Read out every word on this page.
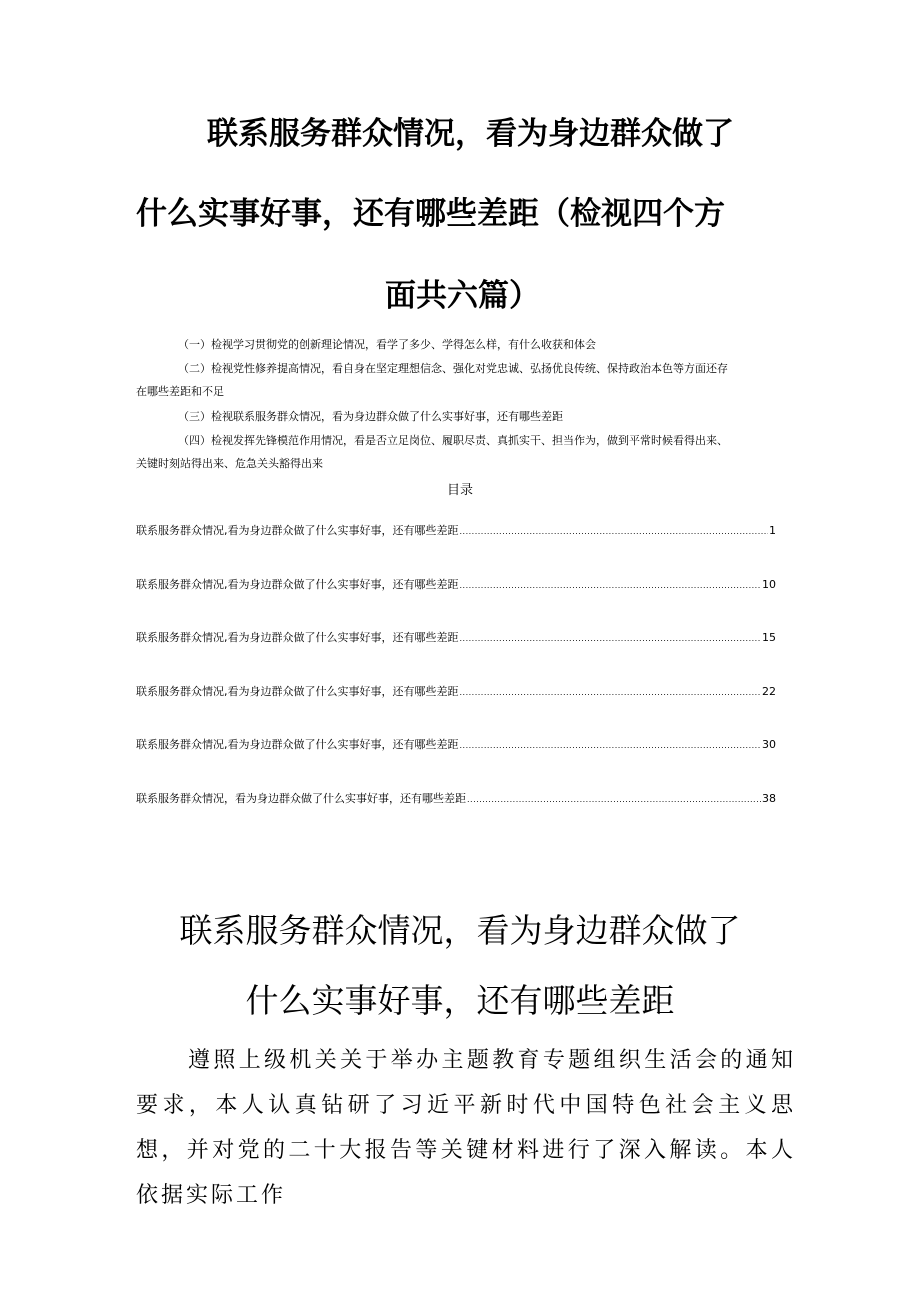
联系服务群众情况，看为身边群众做了
什么实事好事，还有哪些差距（检视四个方
面共六篇）

（一）检视学习贯彻党的创新理论情况，看学了多少、学得怎么样，有什么收获和体会

（二）检视党性修养提高情况，看自身在坚定理想信念、强化对党忠诚、弘扬优良传统、保持政治本色等方面还存

在哪些差距和不足

（三）检视联系服务群众情况，看为身边群众做了什么实事好事，还有哪些差距

（四）检视发挥先锋模范作用情况，看是否立足岗位、履职尽责、真抓实干、担当作为，做到平常时候看得出来、

关键时刻站得出来、危急关头豁得出来

目录
联系服务群众情况,看为身边群众做了什么实事好事，还有哪些差距 .....	1
联系服务群众情况,看为身边群众做了什么实事好事，还有哪些差距 .....	10
联系服务群众情况,看为身边群众做了什么实事好事，还有哪些差距 .....	15
联系服务群众情况,看为身边群众做了什么实事好事，还有哪些差距 .....	22
联系服务群众情况,看为身边群众做了什么实事好事，还有哪些差距 .....	30
联系服务群众情况，看为身边群众做了什么实事好事，还有哪些差距 .....	38
联系服务群众情况，看为身边群众做了
什么实事好事，还有哪些差距

遵照上级机关关于举办主题教育专题组织生活会的通知要求，本人认真钻研了习近平新时代中国特色社会主义思想，并对党的二十大报告等关键材料进行了深入解读。本人依据实际工作
